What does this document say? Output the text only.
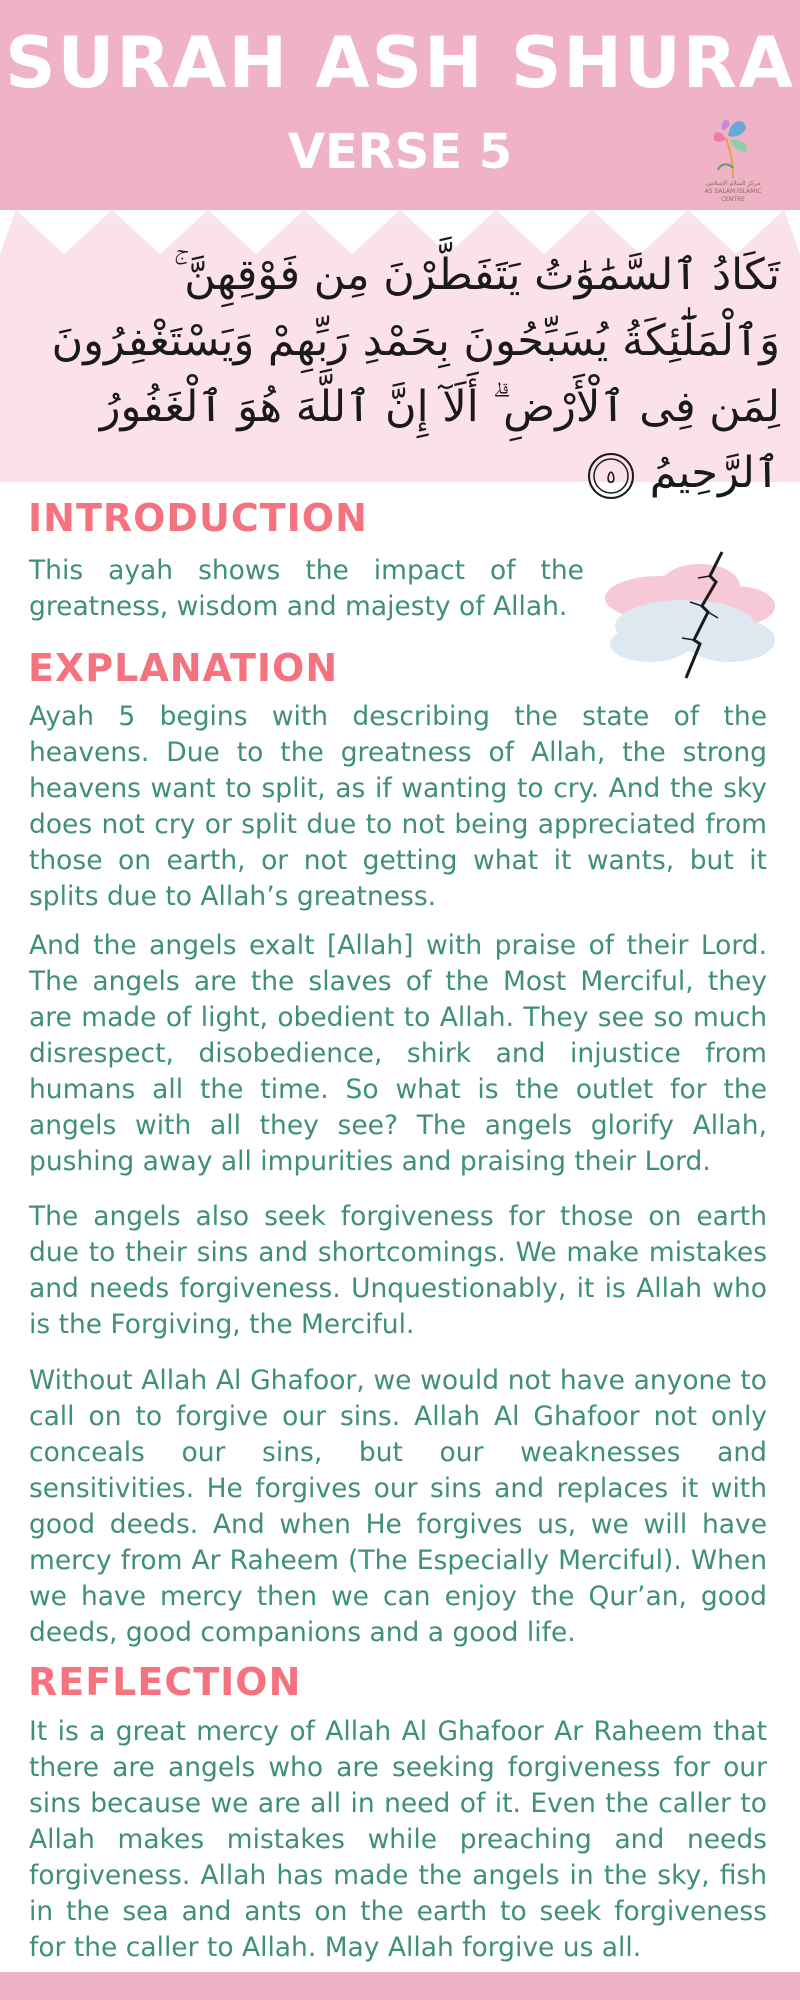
SURAH ASH SHURA
VERSE 5
مركز السلام الإسلامي
AS SALAM ISLAMIC CENTRE
تَكَادُ ٱلسَّمَٰوَٰتُ يَتَفَطَّرْنَ مِن فَوْقِهِنَّ ۚ وَٱلْمَلَٰٓئِكَةُ يُسَبِّحُونَ بِحَمْدِ رَبِّهِمْ وَيَسْتَغْفِرُونَ لِمَن فِى ٱلْأَرْضِ ۗ أَلَآ إِنَّ ٱللَّهَ هُوَ ٱلْغَفُورُ ٱلرَّحِيمُ
٥
INTRODUCTION
This ayah shows the impact of the greatness, wisdom and majesty of Allah.
EXPLANATION
Ayah 5 begins with describing the state of the heavens. Due to the greatness of Allah, the strong heavens want to split, as if wanting to cry. And the sky does not cry or split due to not being appreciated from those on earth, or not getting what it wants, but it splits due to Allah’s greatness.
And the angels exalt [Allah] with praise of their Lord. The angels are the slaves of the Most Merciful, they are made of light, obedient to Allah. They see so much disrespect, disobedience, shirk and injustice from humans all the time. So what is the outlet for the angels with all they see? The angels glorify Allah, pushing away all impurities and praising their Lord.
The angels also seek forgiveness for those on earth due to their sins and shortcomings. We make mistakes and needs forgiveness. Unquestionably, it is Allah who is the Forgiving, the Merciful.
Without Allah Al Ghafoor, we would not have anyone to call on to forgive our sins. Allah Al Ghafoor not only conceals our sins, but our weaknesses and sensitivities. He forgives our sins and replaces it with good deeds. And when He forgives us, we will have mercy from Ar Raheem (The Especially Merciful). When we have mercy then we can enjoy the Qur’an, good deeds, good companions and a good life.
REFLECTION
It is a great mercy of Allah Al Ghafoor Ar Raheem that there are angels who are seeking forgiveness for our sins because we are all in need of it. Even the caller to Allah makes mistakes while preaching and needs forgiveness. Allah has made the angels in the sky, fish in the sea and ants on the earth to seek forgiveness for the caller to Allah. May Allah forgive us all.
